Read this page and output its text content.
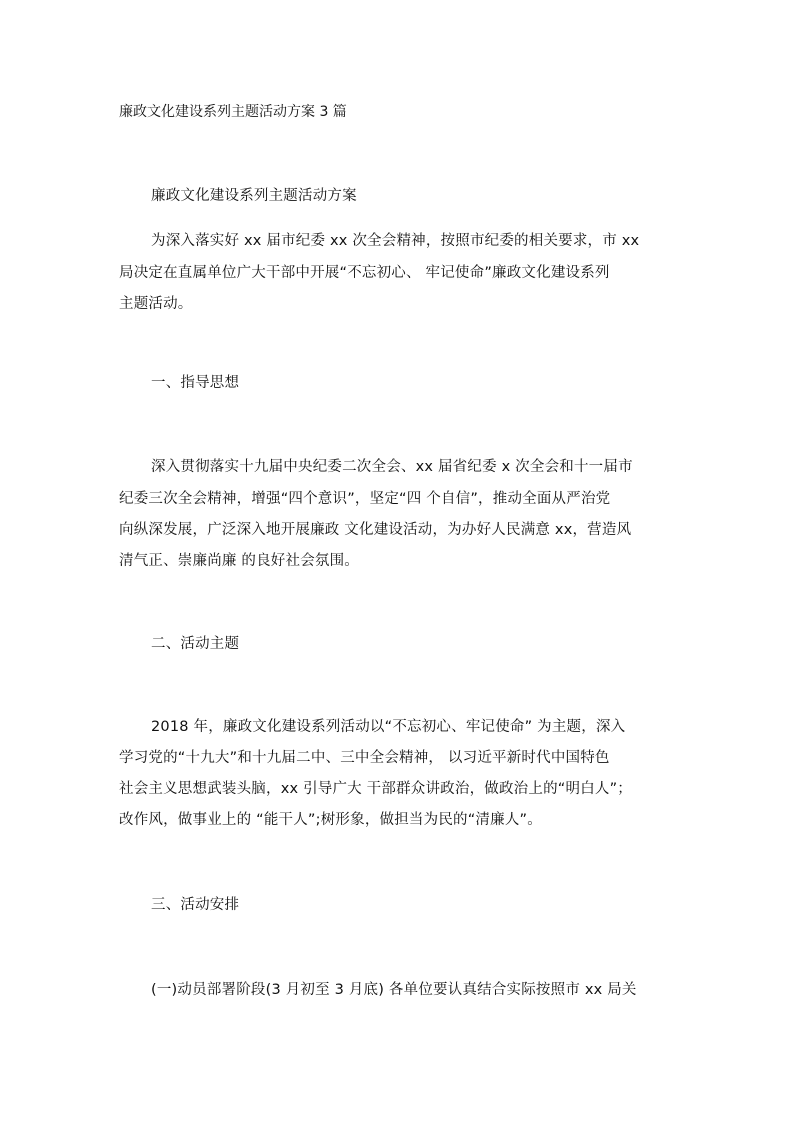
廉政文化建设系列主题活动方案 3 篇
廉政文化建设系列主题活动方案
为深入落实好 xx 届市纪委 xx 次全会精神，按照市纪委的相关要求，市 xx
局决定在直属单位广大干部中开展“不忘初心、 牢记使命”廉政文化建设系列
主题活动。
一、指导思想
深入贯彻落实十九届中央纪委二次全会、xx 届省纪委 x 次全会和十一届市
纪委三次全会精神，增强“四个意识”，坚定“四 个自信”，推动全面从严治党
向纵深发展，广泛深入地开展廉政 文化建设活动，为办好人民满意 xx，营造风
清气正、崇廉尚廉 的良好社会氛围。
二、活动主题
2018 年，廉政文化建设系列活动以“不忘初心、牢记使命” 为主题，深入
学习党的“十九大”和十九届二中、三中全会精神， 以习近平新时代中国特色
社会主义思想武装头脑，xx 引导广大 干部群众讲政治，做政治上的“明白人”；
改作风，做事业上的 “能干人”;树形象，做担当为民的“清廉人”。
三、活动安排
(一)动员部署阶段(3 月初至 3 月底) 各单位要认真结合实际按照市 xx 局关
